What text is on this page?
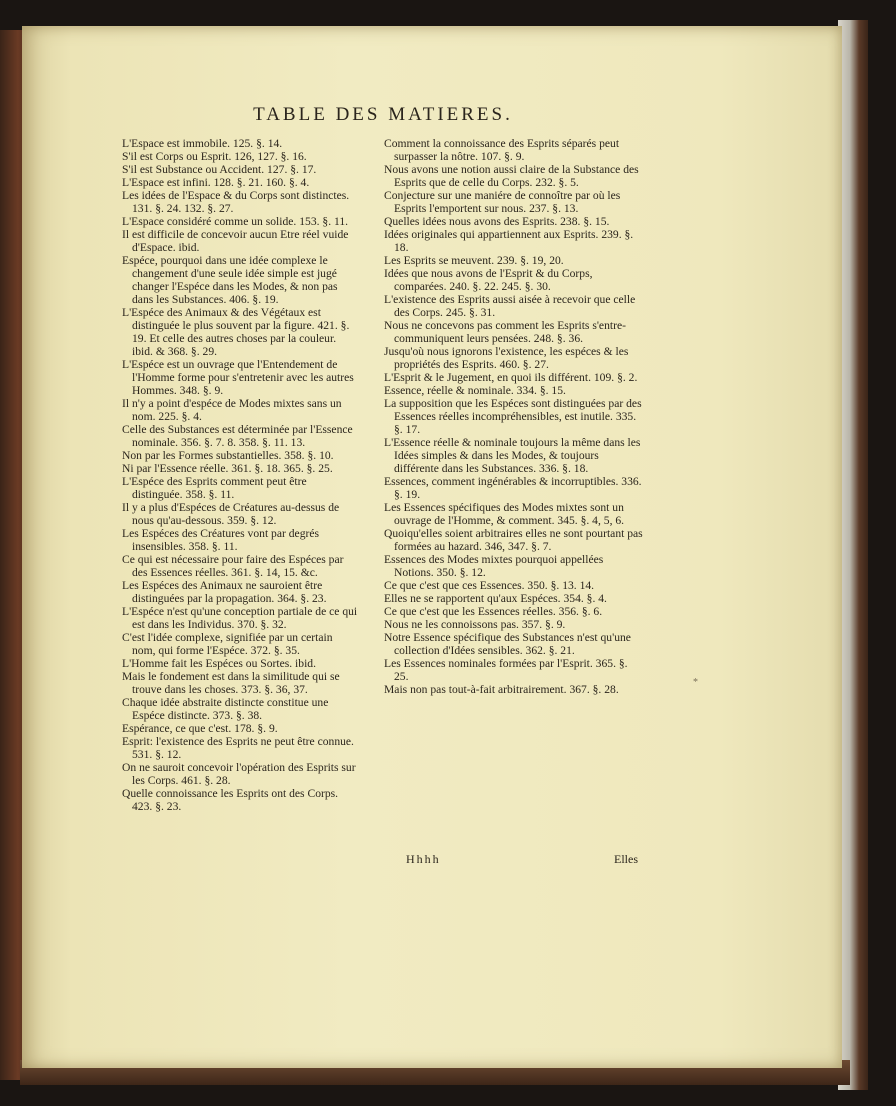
TABLE DES MATIERES.

L'Espace est immobile. 125. §. 14.

S'il est Corps ou Esprit. 126, 127. §. 16.

S'il est Substance ou Accident. 127. §. 17.

L'Espace est infini. 128. §. 21. 160. §. 4.

Les idées de l'Espace & du Corps sont distinctes. 131. §. 24. 132. §. 27.

L'Espace considéré comme un solide. 153. §. 11.

Il est difficile de concevoir aucun Etre réel vuide d'Espace. ibid.

Espéce, pourquoi dans une idée complexe le changement d'une seule idée simple est jugé changer l'Espéce dans les Modes, & non pas dans les Substances. 406. §. 19.

L'Espéce des Animaux & des Végétaux est distinguée le plus souvent par la figure. 421. §. 19. Et celle des autres choses par la couleur. ibid. & 368. §. 29.

L'Espéce est un ouvrage que l'Entendement de l'Homme forme pour s'entretenir avec les autres Hommes. 348. §. 9.

Il n'y a point d'espéce de Modes mixtes sans un nom. 225. §. 4.

Celle des Substances est déterminée par l'Essence nominale. 356. §. 7. 8. 358. §. 11. 13.

Non par les Formes substantielles. 358. §. 10.

Ni par l'Essence réelle. 361. §. 18. 365. §. 25.

L'Espéce des Esprits comment peut être distinguée. 358. §. 11.

Il y a plus d'Espéces de Créatures au-dessus de nous qu'au-dessous. 359. §. 12.

Les Espéces des Créatures vont par degrés insensibles. 358. §. 11.

Ce qui est nécessaire pour faire des Espéces par des Essences réelles. 361. §. 14, 15. &c.

Les Espéces des Animaux ne sauroient être distinguées par la propagation. 364. §. 23.

L'Espéce n'est qu'une conception partiale de ce qui est dans les Individus. 370. §. 32.

C'est l'idée complexe, signifiée par un certain nom, qui forme l'Espéce. 372. §. 35.

L'Homme fait les Espéces ou Sortes. ibid.

Mais le fondement est dans la similitude qui se trouve dans les choses. 373. §. 36, 37.

Chaque idée abstraite distincte constitue une Espéce distincte. 373. §. 38.

Espérance, ce que c'est. 178. §. 9.

Esprit: l'existence des Esprits ne peut être connue. 531. §. 12.

On ne sauroit concevoir l'opération des Esprits sur les Corps. 461. §. 28.

Quelle connoissance les Esprits ont des Corps. 423. §. 23.

Comment la connoissance des Esprits séparés peut surpasser la nôtre. 107. §. 9.

Nous avons une notion aussi claire de la Substance des Esprits que de celle du Corps. 232. §. 5.

Conjecture sur une maniére de connoître par où les Esprits l'emportent sur nous. 237. §. 13.

Quelles idées nous avons des Esprits. 238. §. 15.

Idées originales qui appartiennent aux Esprits. 239. §. 18.

Les Esprits se meuvent. 239. §. 19, 20.

Idées que nous avons de l'Esprit & du Corps, comparées. 240. §. 22. 245. §. 30.

L'existence des Esprits aussi aisée à recevoir que celle des Corps. 245. §. 31.

Nous ne concevons pas comment les Esprits s'entre-communiquent leurs pensées. 248. §. 36.

Jusqu'où nous ignorons l'existence, les espéces & les propriétés des Esprits. 460. §. 27.

L'Esprit & le Jugement, en quoi ils différent. 109. §. 2.

Essence, réelle & nominale. 334. §. 15.

La supposition que les Espéces sont distinguées par des Essences réelles incompréhensibles, est inutile. 335. §. 17.

L'Essence réelle & nominale toujours la même dans les Idées simples & dans les Modes, & toujours différente dans les Substances. 336. §. 18.

Essences, comment ingénérables & incorruptibles. 336. §. 19.

Les Essences spécifiques des Modes mixtes sont un ouvrage de l'Homme, & comment. 345. §. 4, 5, 6.

Quoiqu'elles soient arbitraires elles ne sont pourtant pas formées au hazard. 346, 347. §. 7.

Essences des Modes mixtes pourquoi appellées Notions. 350. §. 12.

Ce que c'est que ces Essences. 350. §. 13. 14.

Elles ne se rapportent qu'aux Espéces. 354. §. 4.

Ce que c'est que les Essences réelles. 356. §. 6.

Nous ne les connoissons pas. 357. §. 9.

Notre Essence spécifique des Substances n'est qu'une collection d'Idées sensibles. 362. §. 21.

Les Essences nominales formées par l'Esprit. 365. §. 25.

Mais non pas tout-à-fait arbitrairement. 367. §. 28.

Hhhh	Elles
*
